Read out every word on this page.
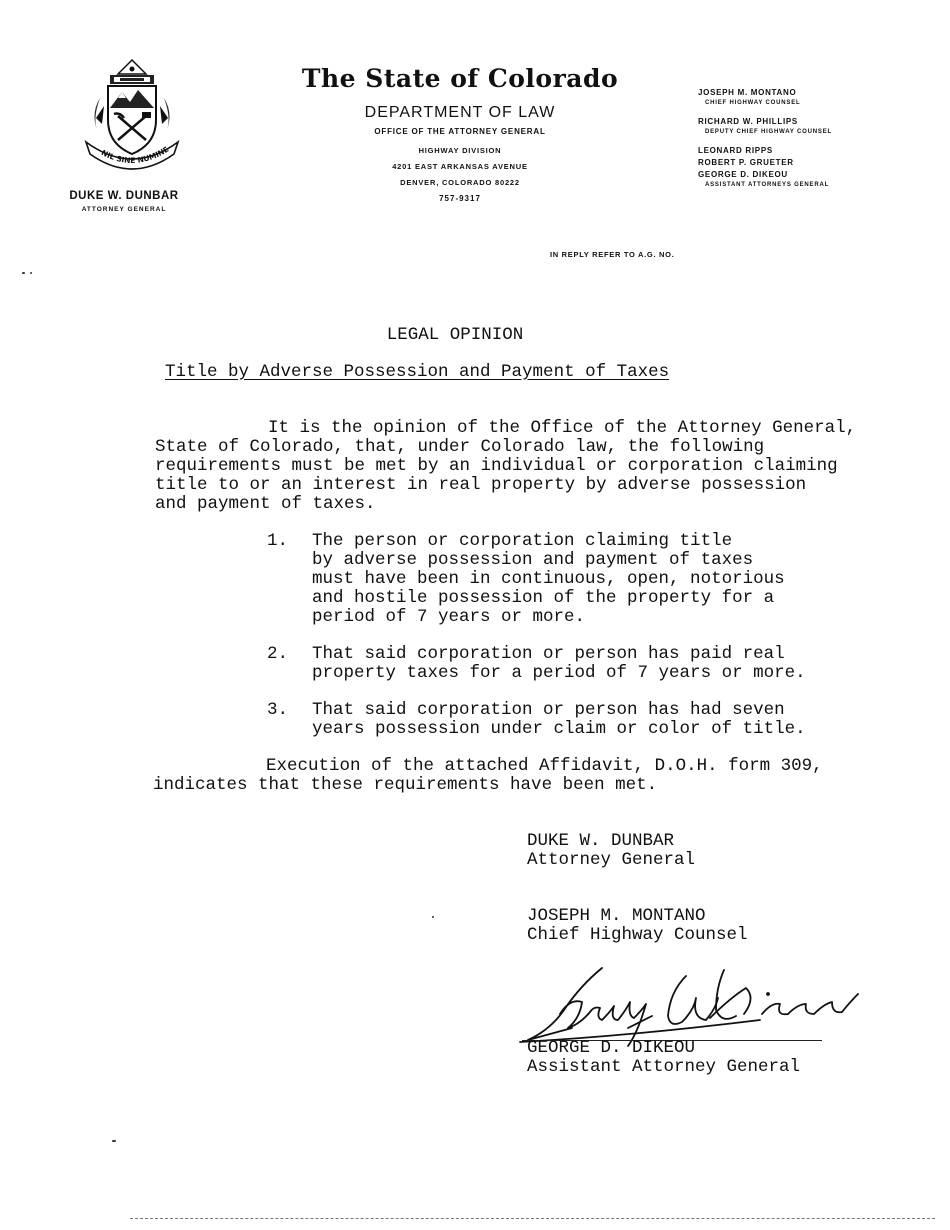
NIL SINE NUMINE
DUKE W. DUNBAR
ATTORNEY GENERAL
The State of Colorado
DEPARTMENT OF LAW
OFFICE OF THE ATTORNEY GENERAL
HIGHWAY DIVISION
4201 EAST ARKANSAS AVENUE
DENVER, COLORADO 80222
757-9317
JOSEPH M. MONTANO
CHIEF HIGHWAY COUNSEL
RICHARD W. PHILLIPS
DEPUTY CHIEF HIGHWAY COUNSEL
LEONARD RIPPS
ROBERT P. GRUETER
GEORGE D. DIKEOU
ASSISTANT ATTORNEYS GENERAL
IN REPLY REFER TO A.G. NO.
LEGAL OPINION
Title by Adverse Possession and Payment of Taxes
It is the opinion of the Office of the Attorney General,
State of Colorado, that, under Colorado law, the following
requirements must be met by an individual or corporation claiming
title to or an interest in real property by adverse possession
and payment of taxes.
1. The person or corporation claiming title
by adverse possession and payment of taxes
must have been in continuous, open, notorious
and hostile possession of the property for a
period of 7 years or more.
2. That said corporation or person has paid real
property taxes for a period of 7 years or more.
3. That said corporation or person has had seven
years possession under claim or color of title.
Execution of the attached Affidavit, D.O.H. form 309,
indicates that these requirements have been met.
DUKE W. DUNBAR
Attorney General
JOSEPH M. MONTANO
Chief Highway Counsel
GEORGE D. DIKEOU
Assistant Attorney General
